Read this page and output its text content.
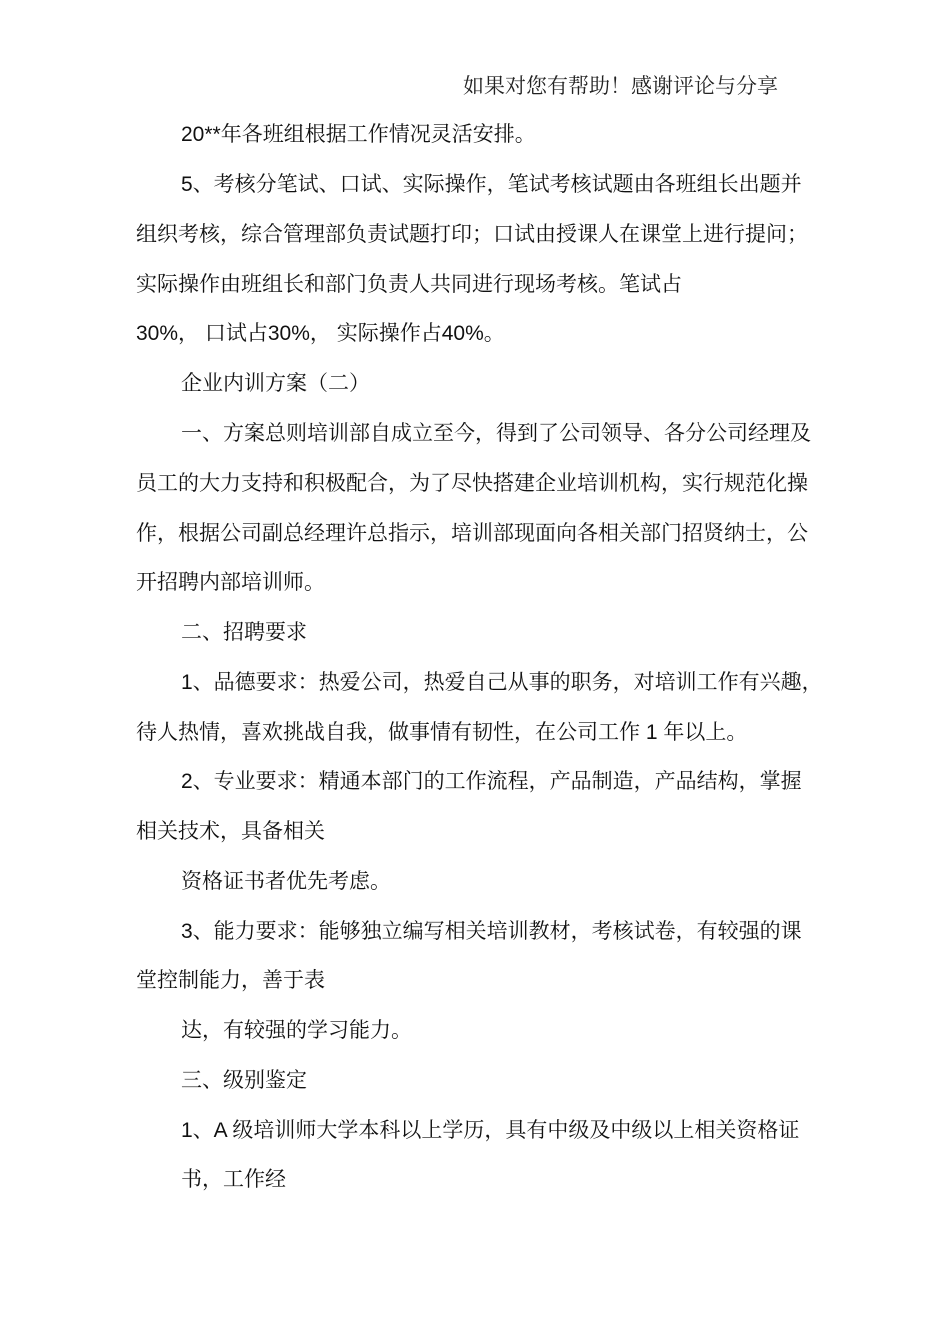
如果对您有帮助！感谢评论与分享
20**年各班组根据工作情况灵活安排。
5、考核分笔试、口试、实际操作，笔试考核试题由各班组长出题并
组织考核，综合管理部负责试题打印；口试由授课人在课堂上进行提问；
实际操作由班组长和部门负责人共同进行现场考核。笔试占
30%， 口试占30%， 实际操作占40%。
企业内训方案（二）
一、方案总则培训部自成立至今，得到了公司领导、各分公司经理及
员工的大力支持和积极配合，为了尽快搭建企业培训机构，实行规范化操
作，根据公司副总经理许总指示，培训部现面向各相关部门招贤纳士，公
开招聘内部培训师。
二、招聘要求
1、品德要求：热爱公司，热爱自己从事的职务，对培训工作有兴趣，
待人热情，喜欢挑战自我，做事情有韧性，在公司工作 1 年以上。
2、专业要求：精通本部门的工作流程，产品制造，产品结构，掌握
相关技术，具备相关
资格证书者优先考虑。
3、能力要求：能够独立编写相关培训教材，考核试卷，有较强的课
堂控制能力，善于表
达，有较强的学习能力。
三、级别鉴定
1、A 级培训师大学本科以上学历，具有中级及中级以上相关资格证
书，工作经
